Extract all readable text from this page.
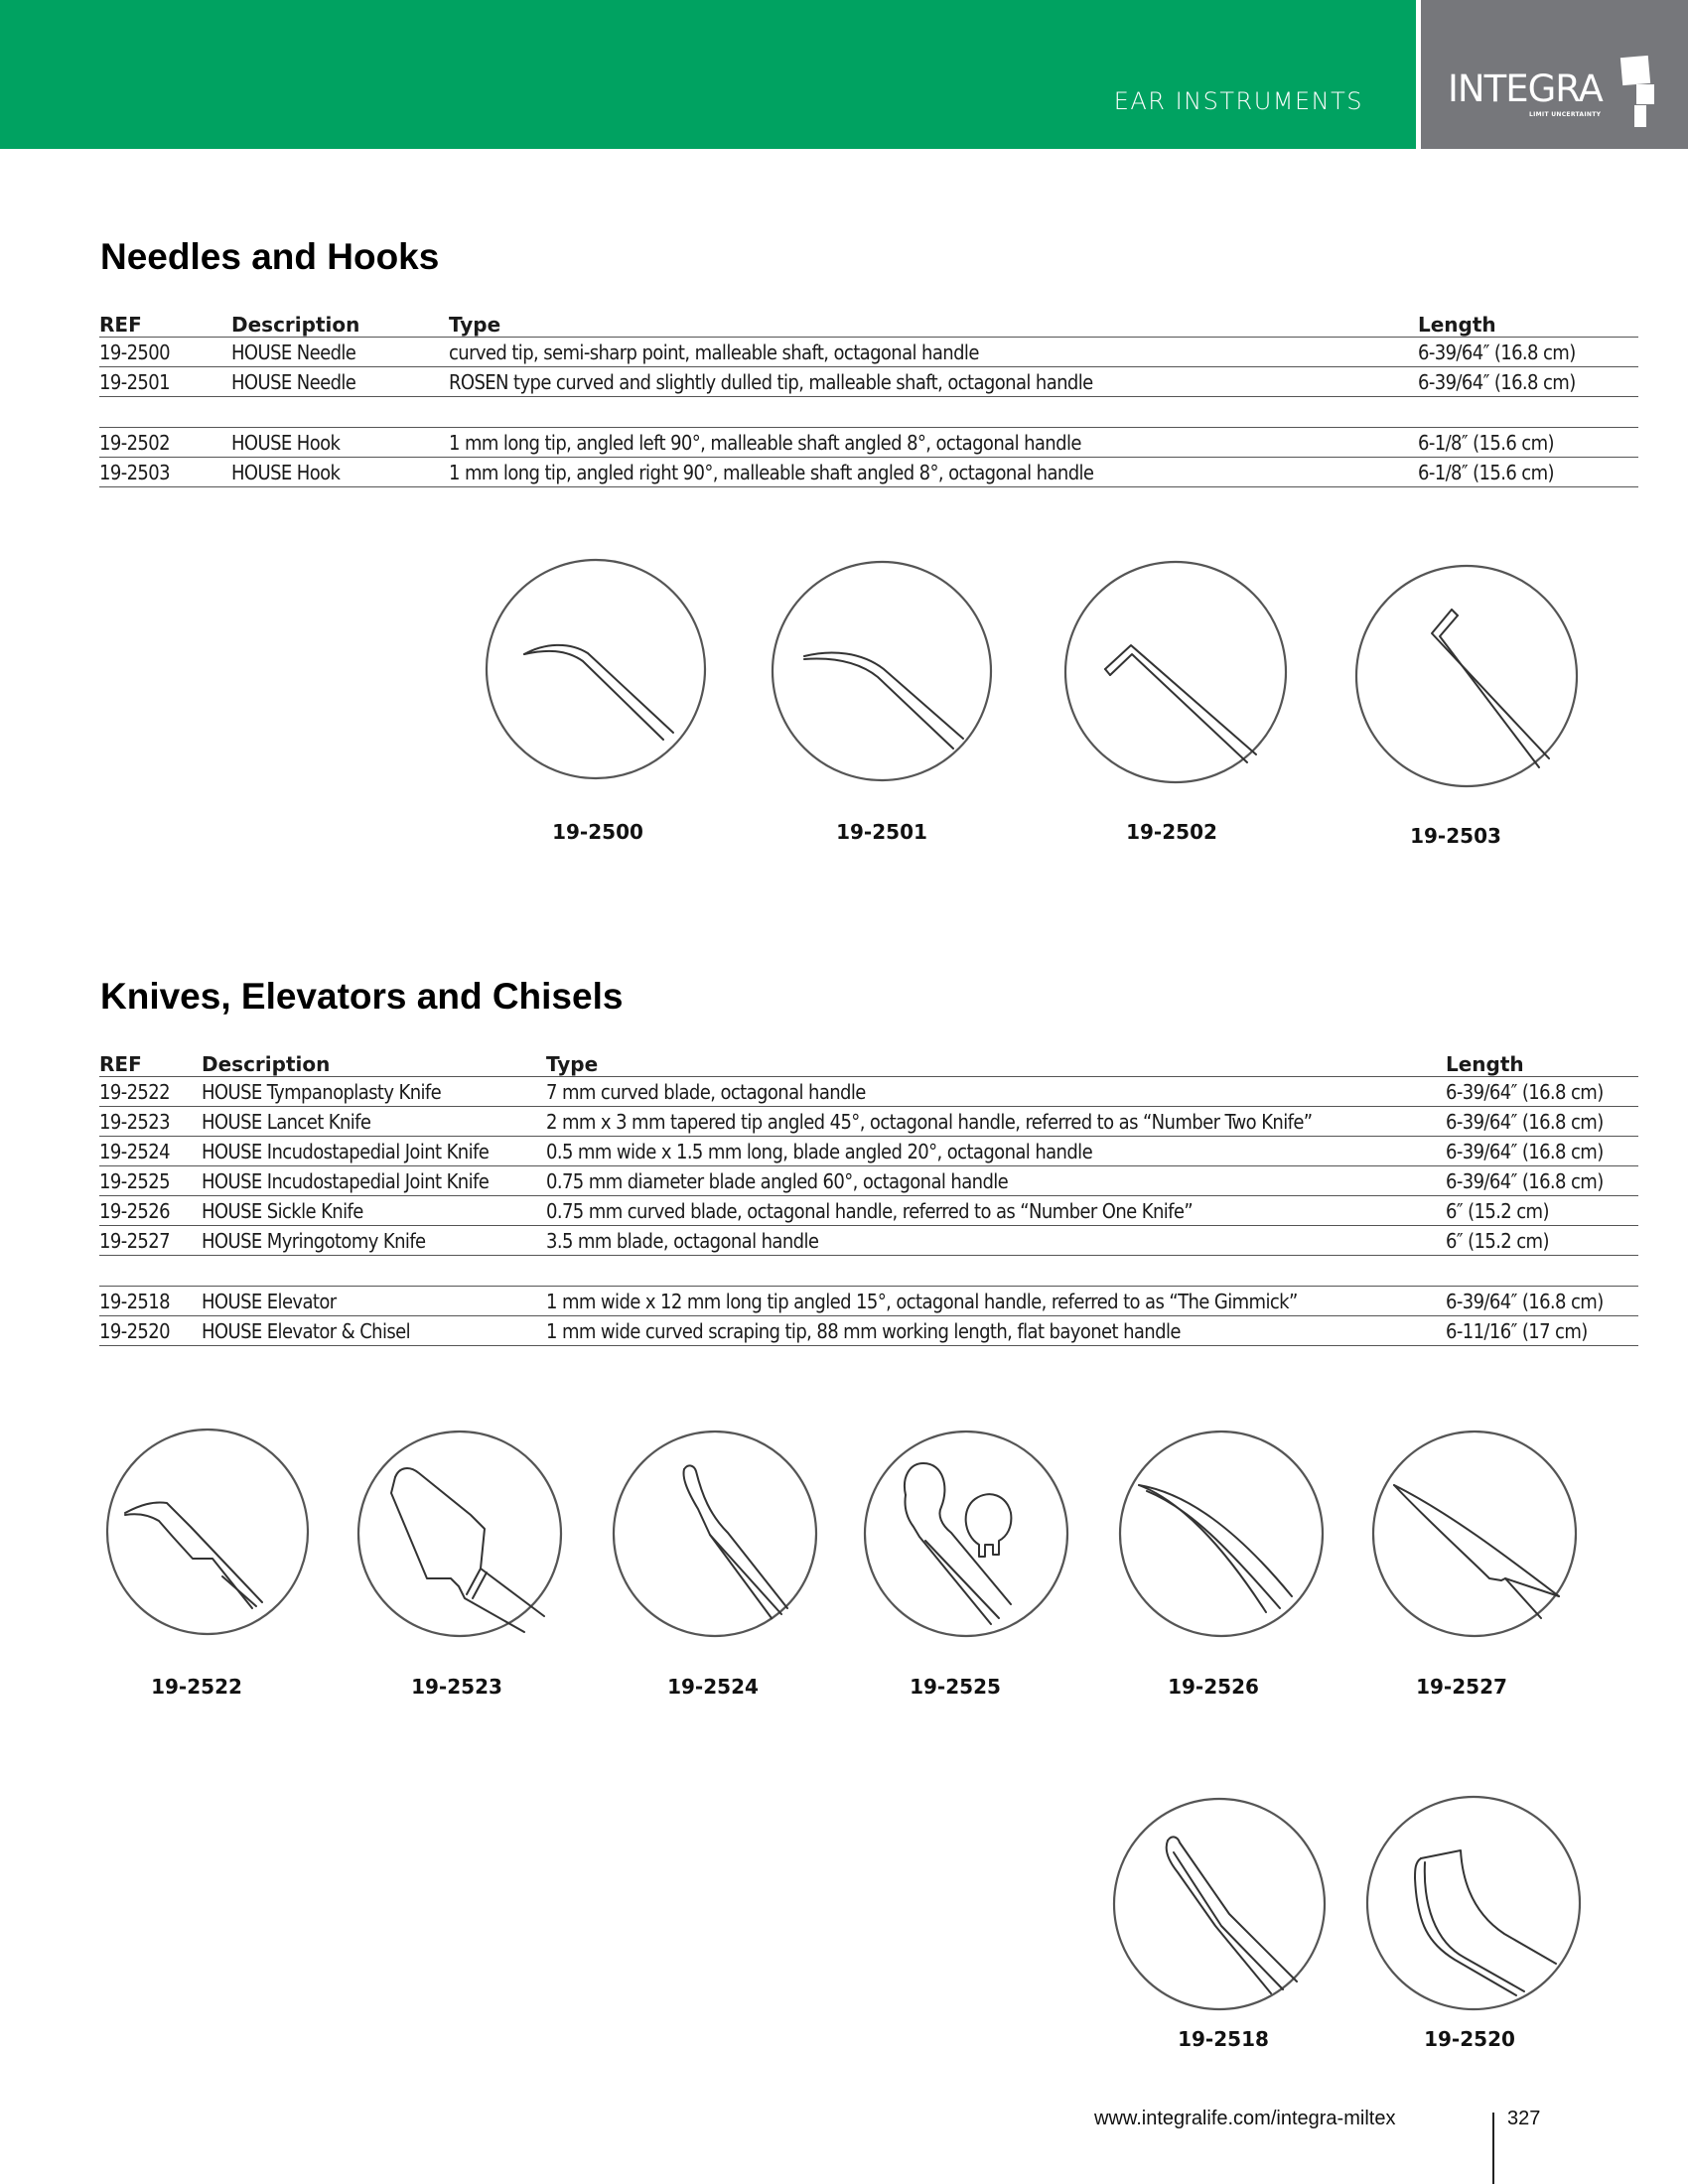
EAR INSTRUMENTS INTEGRA
LIMIT UNCERTAINTY
Needles and Hooks
REF	Description	Type	Length
19-2500	HOUSE Needle	curved tip, semi-sharp point, malleable shaft, octagonal handle	6-39/64″ (16.8 cm)
19-2501	HOUSE Needle	ROSEN type curved and slightly dulled tip, malleable shaft, octagonal handle	6-39/64″ (16.8 cm)

19-2502	HOUSE Hook	1 mm long tip, angled left 90°, malleable shaft angled 8°, octagonal handle	6-1/8″ (15.6 cm)
19-2503	HOUSE Hook	1 mm long tip, angled right 90°, malleable shaft angled 8°, octagonal handle	6-1/8″ (15.6 cm)
19-2500	19-2501	19-2502	19-2503
Knives, Elevators and Chisels
REF	Description	Type	Length
19-2522	HOUSE Tympanoplasty Knife	7 mm curved blade, octagonal handle	6-39/64″ (16.8 cm)
19-2523	HOUSE Lancet Knife	2 mm x 3 mm tapered tip angled 45°, octagonal handle, referred to as “Number Two Knife”	6-39/64″ (16.8 cm)
19-2524	HOUSE Incudostapedial Joint Knife	0.5 mm wide x 1.5 mm long, blade angled 20°, octagonal handle	6-39/64″ (16.8 cm)
19-2525	HOUSE Incudostapedial Joint Knife	0.75 mm diameter blade angled 60°, octagonal handle	6-39/64″ (16.8 cm)
19-2526	HOUSE Sickle Knife	0.75 mm curved blade, octagonal handle, referred to as “Number One Knife”	6″ (15.2 cm)
19-2527	HOUSE Myringotomy Knife	3.5 mm blade, octagonal handle	6″ (15.2 cm)

19-2518	HOUSE Elevator	1 mm wide x 12 mm long tip angled 15°, octagonal handle, referred to as “The Gimmick”	6-39/64″ (16.8 cm)
19-2520	HOUSE Elevator & Chisel	1 mm wide curved scraping tip, 88 mm working length, flat bayonet handle	6-11/16″ (17 cm)
19-2522	19-2523	19-2524	19-2525	19-2526	19-2527
19-2518	19-2520
www.integralife.com/integra-miltex	327
